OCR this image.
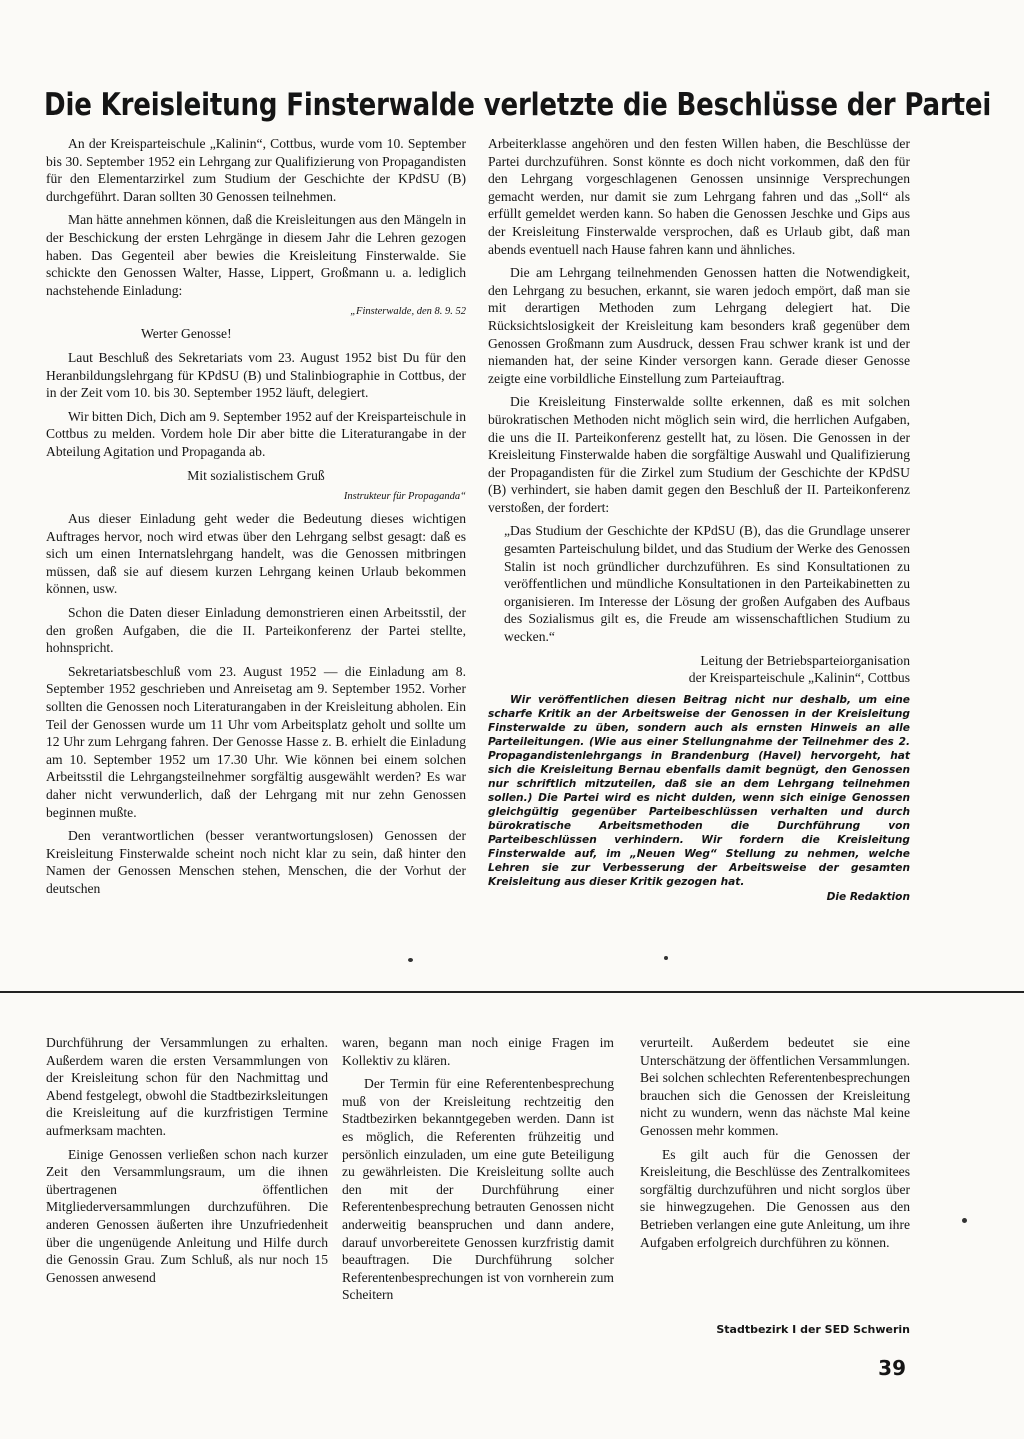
Die Kreisleitung Finsterwalde verletzte die Beschlüsse der Partei

An der Kreisparteischule „Kalinin“, Cottbus, wurde vom 10. September bis 30. September 1952 ein Lehrgang zur Qualifizierung von Propagandisten für den Elementarzirkel zum Studium der Geschichte der KPdSU (B) durchgeführt. Daran sollten 30 Genossen teilnehmen.

Man hätte annehmen können, daß die Kreisleitungen aus den Mängeln in der Beschickung der ersten Lehrgänge in diesem Jahr die Lehren gezogen haben. Das Gegenteil aber bewies die Kreisleitung Finsterwalde. Sie schickte den Genossen Walter, Hasse, Lippert, Großmann u. a. lediglich nachstehende Einladung:

„Finsterwalde, den 8. 9. 52

Werter Genosse!

Laut Beschluß des Sekretariats vom 23. August 1952 bist Du für den Heranbildungslehrgang für KPdSU (B) und Stalinbiographie in Cottbus, der in der Zeit vom 10. bis 30. September 1952 läuft, delegiert.

Wir bitten Dich, Dich am 9. September 1952 auf der Kreisparteischule in Cottbus zu melden. Vordem hole Dir aber bitte die Literaturangabe in der Abteilung Agitation und Propaganda ab.

Mit sozialistischem Gruß

Instrukteur für Propaganda“

Aus dieser Einladung geht weder die Bedeutung dieses wichtigen Auftrages hervor, noch wird etwas über den Lehrgang selbst gesagt: daß es sich um einen Internatslehrgang handelt, was die Genossen mitbringen müssen, daß sie auf diesem kurzen Lehrgang keinen Urlaub bekommen können, usw.

Schon die Daten dieser Einladung demonstrieren einen Arbeitsstil, der den großen Aufgaben, die die II. Parteikonferenz der Partei stellte, hohnspricht.

Sekretariatsbeschluß vom 23. August 1952 — die Einladung am 8. September 1952 geschrieben und Anreisetag am 9. September 1952. Vorher sollten die Genossen noch Literaturangaben in der Kreisleitung abholen. Ein Teil der Genossen wurde um 11 Uhr vom Arbeitsplatz geholt und sollte um 12 Uhr zum Lehrgang fahren. Der Genosse Hasse z. B. erhielt die Einladung am 10. September 1952 um 17.30 Uhr. Wie können bei einem solchen Arbeitsstil die Lehrgangsteilnehmer sorgfältig ausgewählt werden? Es war daher nicht verwunderlich, daß der Lehrgang mit nur zehn Genossen beginnen mußte.

Den verantwortlichen (besser verantwortungslosen) Genossen der Kreisleitung Finsterwalde scheint noch nicht klar zu sein, daß hinter den Namen der Genossen Menschen stehen, Menschen, die der Vorhut der deutschen

Arbeiterklasse angehören und den festen Willen haben, die Beschlüsse der Partei durchzuführen. Sonst könnte es doch nicht vorkommen, daß den für den Lehrgang vorgeschlagenen Genossen unsinnige Versprechungen gemacht werden, nur damit sie zum Lehrgang fahren und das „Soll“ als erfüllt gemeldet werden kann. So haben die Genossen Jeschke und Gips aus der Kreisleitung Finsterwalde versprochen, daß es Urlaub gibt, daß man abends eventuell nach Hause fahren kann und ähnliches.

Die am Lehrgang teilnehmenden Genossen hatten die Notwendigkeit, den Lehrgang zu besuchen, erkannt, sie waren jedoch empört, daß man sie mit derartigen Methoden zum Lehrgang delegiert hat. Die Rücksichtslosigkeit der Kreisleitung kam besonders kraß gegenüber dem Genossen Großmann zum Ausdruck, dessen Frau schwer krank ist und der niemanden hat, der seine Kinder versorgen kann. Gerade dieser Genosse zeigte eine vorbildliche Einstellung zum Parteiauftrag.

Die Kreisleitung Finsterwalde sollte erkennen, daß es mit solchen bürokratischen Methoden nicht möglich sein wird, die herrlichen Aufgaben, die uns die II. Parteikonferenz gestellt hat, zu lösen. Die Genossen in der Kreisleitung Finsterwalde haben die sorgfältige Auswahl und Qualifizierung der Propagandisten für die Zirkel zum Studium der Geschichte der KPdSU (B) verhindert, sie haben damit gegen den Beschluß der II. Parteikonferenz verstoßen, der fordert:

„Das Studium der Geschichte der KPdSU (B), das die Grundlage unserer gesamten Parteischulung bildet, und das Studium der Werke des Genossen Stalin ist noch gründlicher durchzuführen. Es sind Konsultationen zu veröffentlichen und mündliche Konsultationen in den Parteikabinetten zu organisieren. Im Interesse der Lösung der großen Aufgaben des Aufbaus des Sozialismus gilt es, die Freude am wissenschaftlichen Studium zu wecken.“

Leitung der Betriebsparteiorganisation

der Kreisparteischule „Kalinin“, Cottbus

Wir veröffentlichen diesen Beitrag nicht nur deshalb, um eine scharfe Kritik an der Arbeitsweise der Genossen in der Kreisleitung Finsterwalde zu üben, sondern auch als ernsten Hinweis an alle Parteileitungen. (Wie aus einer Stellungnahme der Teilnehmer des 2. Propagandistenlehrgangs in Brandenburg (Havel) hervorgeht, hat sich die Kreisleitung Bernau ebenfalls damit begnügt, den Genossen nur schriftlich mitzuteilen, daß sie an dem Lehrgang teilnehmen sollen.) Die Partei wird es nicht dulden, wenn sich einige Genossen gleichgültig gegenüber Parteibeschlüssen verhalten und durch bürokratische Arbeitsmethoden die Durchführung von Parteibeschlüssen verhindern. Wir fordern die Kreisleitung Finsterwalde auf, im „Neuen Weg“ Stellung zu nehmen, welche Lehren sie zur Verbesserung der Arbeitsweise der gesamten Kreisleitung aus dieser Kritik gezogen hat.

Die Redaktion

Durchführung der Versammlungen zu erhalten. Außerdem waren die ersten Versammlungen von der Kreisleitung schon für den Nachmittag und Abend festgelegt, obwohl die Stadtbezirksleitungen die Kreisleitung auf die kurzfristigen Termine aufmerksam machten.

Einige Genossen verließen schon nach kurzer Zeit den Versammlungsraum, um die ihnen übertragenen öffentlichen Mitgliederversammlungen durchzuführen. Die anderen Genossen äußerten ihre Unzufriedenheit über die ungenügende Anleitung und Hilfe durch die Genossin Grau. Zum Schluß, als nur noch 15 Genossen anwesend

waren, begann man noch einige Fragen im Kollektiv zu klären.

Der Termin für eine Referentenbesprechung muß von der Kreisleitung rechtzeitig den Stadtbezirken bekanntgegeben werden. Dann ist es möglich, die Referenten frühzeitig und persönlich einzuladen, um eine gute Beteiligung zu gewährleisten. Die Kreisleitung sollte auch den mit der Durchführung einer Referentenbesprechung betrauten Genossen nicht anderweitig beanspruchen und dann andere, darauf unvorbereitete Genossen kurzfristig damit beauftragen. Die Durchführung solcher Referentenbesprechungen ist von vornherein zum Scheitern

verurteilt. Außerdem bedeutet sie eine Unterschätzung der öffentlichen Versammlungen. Bei solchen schlechten Referentenbesprechungen brauchen sich die Genossen der Kreisleitung nicht zu wundern, wenn das nächste Mal keine Genossen mehr kommen.

Es gilt auch für die Genossen der Kreisleitung, die Beschlüsse des Zentralkomitees sorgfältig durchzuführen und nicht sorglos über sie hinwegzugehen. Die Genossen aus den Betrieben verlangen eine gute Anleitung, um ihre Aufgaben erfolgreich durchführen zu können.

Stadtbezirk I der SED Schwerin
39
